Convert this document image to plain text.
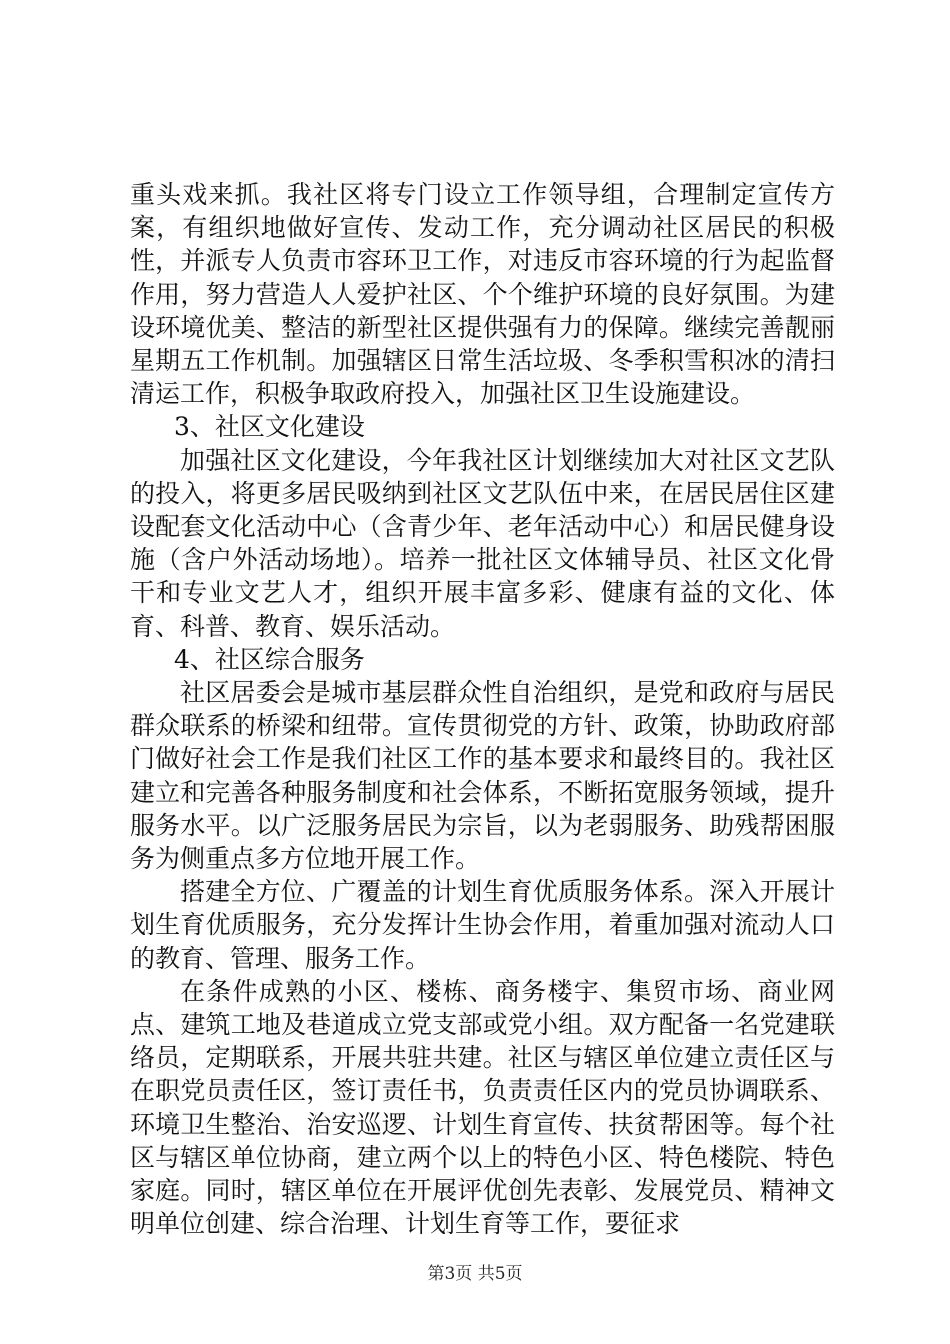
重头戏来抓。我社区将专门设立工作领导组，合理制定宣传方案，有组织地做好宣传、发动工作，充分调动社区居民的积极性，并派专人负责市容环卫工作，对违反市容环境的行为起监督作用，努力营造人人爱护社区、个个维护环境的良好氛围。为建设环境优美、整洁的新型社区提供强有力的保障。继续完善靓丽星期五工作机制。加强辖区日常生活垃圾、冬季积雪积冰的清扫清运工作，积极争取政府投入，加强社区卫生设施建设。

3、社区文化建设

加强社区文化建设，今年我社区计划继续加大对社区文艺队的投入，将更多居民吸纳到社区文艺队伍中来，在居民居住区建设配套文化活动中心（含青少年、老年活动中心）和居民健身设施（含户外活动场地）。培养一批社区文体辅导员、社区文化骨干和专业文艺人才，组织开展丰富多彩、健康有益的文化、体育、科普、教育、娱乐活动。

4、社区综合服务

社区居委会是城市基层群众性自治组织，是党和政府与居民群众联系的桥梁和纽带。宣传贯彻党的方针、政策，协助政府部门做好社会工作是我们社区工作的基本要求和最终目的。我社区建立和完善各种服务制度和社会体系，不断拓宽服务领域，提升服务水平。以广泛服务居民为宗旨，以为老弱服务、助残帮困服务为侧重点多方位地开展工作。

搭建全方位、广覆盖的计划生育优质服务体系。深入开展计划生育优质服务，充分发挥计生协会作用，着重加强对流动人口的教育、管理、服务工作。

在条件成熟的小区、楼栋、商务楼宇、集贸市场、商业网点、建筑工地及巷道成立党支部或党小组。双方配备一名党建联络员，定期联系，开展共驻共建。社区与辖区单位建立责任区与在职党员责任区，签订责任书，负责责任区内的党员协调联系、环境卫生整治、治安巡逻、计划生育宣传、扶贫帮困等。每个社区与辖区单位协商，建立两个以上的特色小区、特色楼院、特色家庭。同时，辖区单位在开展评优创先表彰、发展党员、精神文明单位创建、综合治理、计划生育等工作，要征求

第3页 共5页
